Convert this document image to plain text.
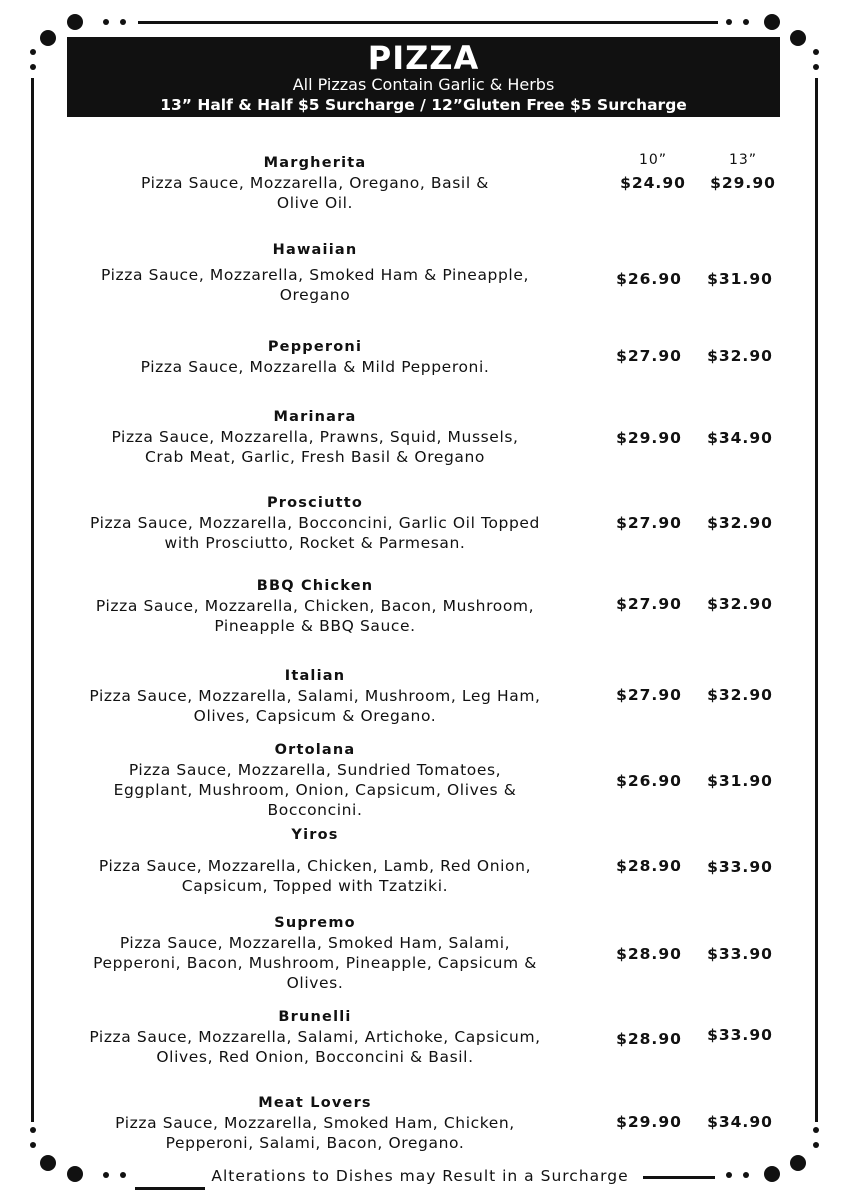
PIZZA
All Pizzas Contain Garlic & Herbs
13” Half & Half $5 Surcharge / 12”Gluten Free $5 Surcharge
10”	13”
Margherita
Pizza Sauce, Mozzarella, Oregano, Basil &
Olive Oil.
$24.90	$29.90
Hawaiian
Pizza Sauce, Mozzarella, Smoked Ham & Pineapple,
Oregano
$26.90	$31.90
Pepperoni
Pizza Sauce, Mozzarella & Mild Pepperoni.
$27.90	$32.90
Marinara
Pizza Sauce, Mozzarella, Prawns, Squid, Mussels,
Crab Meat, Garlic, Fresh Basil & Oregano
$29.90	$34.90
Prosciutto
Pizza Sauce, Mozzarella, Bocconcini, Garlic Oil Topped
with Prosciutto, Rocket & Parmesan.
$27.90	$32.90
BBQ Chicken
Pizza Sauce, Mozzarella, Chicken, Bacon, Mushroom,
Pineapple & BBQ Sauce.
$27.90	$32.90
Italian
Pizza Sauce, Mozzarella, Salami, Mushroom, Leg Ham,
Olives, Capsicum & Oregano.
$27.90	$32.90
Ortolana
Pizza Sauce, Mozzarella, Sundried Tomatoes,
Eggplant, Mushroom, Onion, Capsicum, Olives &
Bocconcini.
$26.90	$31.90
Yiros
Pizza Sauce, Mozzarella, Chicken, Lamb, Red Onion,
Capsicum, Topped with Tzatziki.
$28.90	$33.90
Supremo
Pizza Sauce, Mozzarella, Smoked Ham, Salami,
Pepperoni, Bacon, Mushroom, Pineapple, Capsicum &
Olives.
$28.90	$33.90
Brunelli
Pizza Sauce, Mozzarella, Salami, Artichoke, Capsicum,
Olives, Red Onion, Bocconcini & Basil.
$28.90	$33.90
Meat Lovers
Pizza Sauce, Mozzarella, Smoked Ham, Chicken,
Pepperoni, Salami, Bacon, Oregano.
$29.90	$34.90
Alterations to Dishes may Result in a Surcharge
